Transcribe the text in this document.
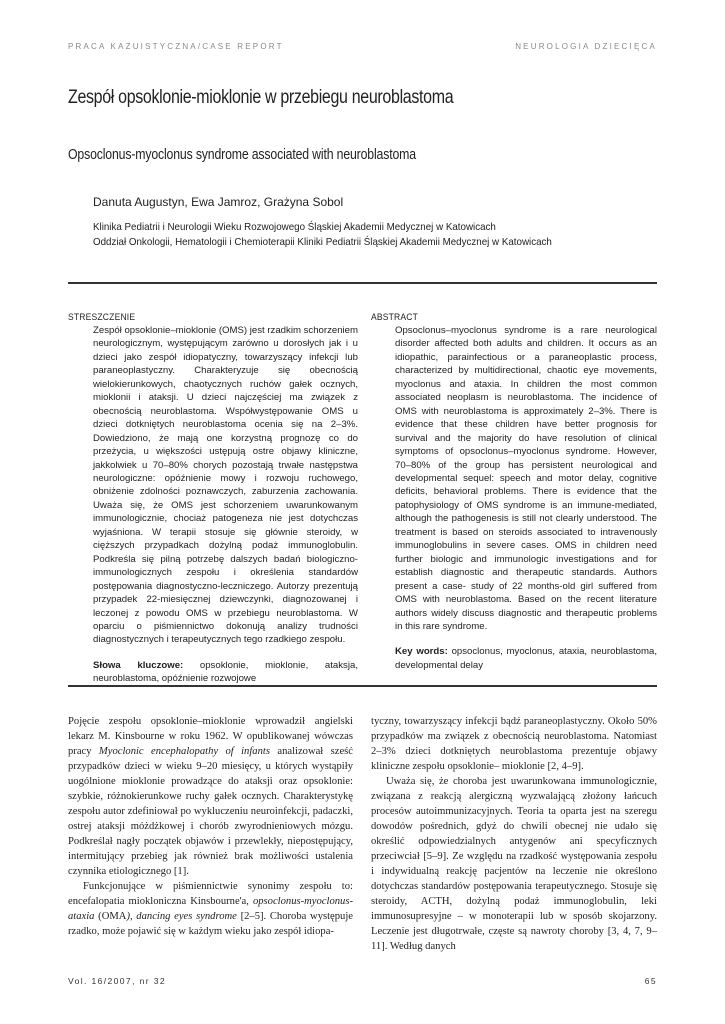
PRACA KAZUISTYCZNA/CASE REPORT	NEUROLOGIA DZIECIĘCA
Zespół opsoklonie-mioklonie w przebiegu neuroblastoma
Opsoclonus-myoclonus syndrome associated with neuroblastoma
Danuta Augustyn, Ewa Jamroz, Grażyna Sobol
Klinika Pediatrii i Neurologii Wieku Rozwojowego Śląskiej Akademii Medycznej w Katowicach
Oddział Onkologii, Hematologii i Chemioterapii Kliniki Pediatrii Śląskiej Akademii Medycznej w Katowicach
STRESZCZENIE
Zespół opsoklonie–mioklonie (OMS) jest rzadkim schorzeniem neurologicznym, występującym zarówno u dorosłych jak i u dzieci jako zespół idiopatyczny, towarzyszący infekcji lub paraneoplastyczny. Charakteryzuje się obecnością wielokierunkowych, chaotycznych ruchów gałek ocznych, mioklonii i ataksji. U dzieci najczęściej ma związek z obecnością neuroblastoma. Współwystępowanie OMS u dzieci dotkniętych neuroblastoma ocenia się na 2–3%. Dowiedziono, że mają one korzystną prognozę co do przeżycia, u większości ustępują ostre objawy kliniczne, jakkolwiek u 70–80% chorych pozostają trwałe następstwa neurologiczne: opóźnienie mowy i rozwoju ruchowego, obniżenie zdolności poznawczych, zaburzenia zachowania. Uważa się, że OMS jest schorzeniem uwarunkowanym immunologicznie, chociaż patogeneza nie jest dotychczas wyjaśniona. W terapii stosuje się głównie steroidy, w cięższych przypadkach dożylną podaż immunoglobulin. Podkreśla się pilną potrzebę dalszych badań biologiczno-immunologicznych zespołu i określenia standardów postępowania diagnostyczno-leczniczego. Autorzy prezentują przypadek 22-miesięcznej dziewczynki, diagnozowanej i leczonej z powodu OMS w przebiegu neuroblastoma. W oparciu o piśmiennictwo dokonują analizy trudności diagnostycznych i terapeutycznych tego rzadkiego zespołu.
Słowa kluczowe: opsoklonie, mioklonie, ataksja, neuroblastoma, opóźnienie rozwojowe
ABSTRACT
Opsoclonus–myoclonus syndrome is a rare neurological disorder affected both adults and children. It occurs as an idiopathic, parainfectious or a paraneoplastic process, characterized by multidirectional, chaotic eye movements, myoclonus and ataxia. In children the most common associated neoplasm is neuroblastoma. The incidence of OMS with neuroblastoma is approximately 2–3%. There is evidence that these children have better prognosis for survival and the majority do have resolution of clinical symptoms of opsoclonus–myoclonus syndrome. However, 70–80% of the group has persistent neurological and developmental sequel: speech and motor delay, cognitive deficits, behavioral problems. There is evidence that the patophysiology of OMS syndrome is an immune-mediated, although the pathogenesis is still not clearly understood. The treatment is based on steroids associated to intravenously immunoglobulins in severe cases. OMS in children need further biologic and immunologic investigations and for establish diagnostic and therapeutic standards. Authors present a case- study of 22 months-old girl suffered from OMS with neuroblastoma. Based on the recent literature authors widely discuss diagnostic and therapeutic problems in this rare syndrome.
Key words: opsoclonus, myoclonus, ataxia, neuroblastoma, developmental delay

Pojęcie zespołu opsoklonie–mioklonie wprowadził angielski lekarz M. Kinsbourne w roku 1962. W opublikowanej wówczas pracy Myoclonic encephalopathy of infants analizował sześć przypadków dzieci w wieku 9–20 miesięcy, u których wystąpiły uogólnione mioklonie prowadzące do ataksji oraz opsoklonie: szybkie, różnokierunkowe ruchy gałek ocznych. Charakterystykę zespołu autor zdefiniował po wykluczeniu neuroinfekcji, padaczki, ostrej ataksji móżdżkowej i chorób zwyrodnieniowych mózgu. Podkreślał nagły początek objawów i przewlekły, niepostępujący, intermitujący przebieg jak również brak możliwości ustalenia czynnika etiologicznego [1].

Funkcjonujące w piśmiennictwie synonimy zespołu to: encefalopatia miokloniczna Kinsbourne'a, opsoclonus-myoclonus-ataxia (OMA), dancing eyes syndrome [2–5]. Choroba występuje rzadko, może pojawić się w każdym wieku jako zespół idiopa-

tyczny, towarzyszący infekcji bądź paraneoplastyczny. Około 50% przypadków ma związek z obecnością neuroblastoma. Natomiast 2–3% dzieci dotkniętych neuroblastoma prezentuje objawy kliniczne zespołu opsoklonie– mioklonie [2, 4–9].

Uważa się, że choroba jest uwarunkowana immunologicznie, związana z reakcją alergiczną wyzwalającą złożony łańcuch procesów autoimmunizacyjnych. Teoria ta oparta jest na szeregu dowodów pośrednich, gdyż do chwili obecnej nie udało się określić odpowiedzialnych antygenów ani specyficznych przeciwciał [5–9]. Ze względu na rzadkość występowania zespołu i indywidualną reakcję pacjentów na leczenie nie określono dotychczas standardów postępowania terapeutycznego. Stosuje się steroidy, ACTH, dożylną podaż immunoglobulin, leki immunosupresyjne – w monoterapii lub w sposób skojarzony. Leczenie jest długotrwałe, częste są nawroty choroby [3, 4, 7, 9–11]. Według danych

Vol. 16/2007, nr 32	65
